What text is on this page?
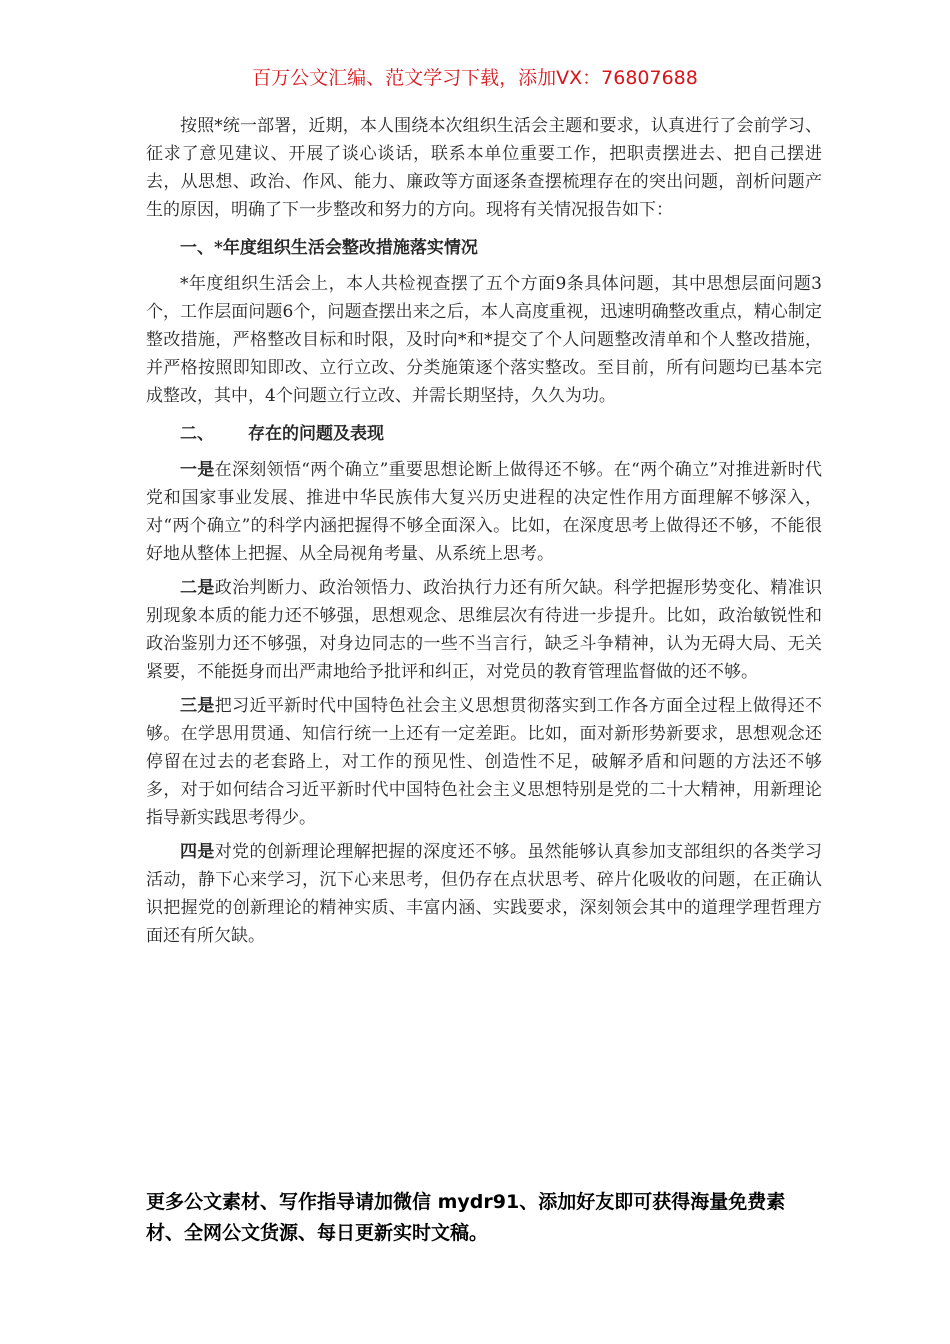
百万公文汇编、范文学习下载，添加VX：76807688

按照*统一部署，近期，本人围绕本次组织生活会主题和要求，认真进行了会前学习、征求了意见建议、开展了谈心谈话，联系本单位重要工作，把职责摆进去、把自己摆进去，从思想、政治、作风、能力、廉政等方面逐条查摆梳理存在的突出问题，剖析问题产生的原因，明确了下一步整改和努力的方向。现将有关情况报告如下：

一、*年度组织生活会整改措施落实情况

*年度组织生活会上，本人共检视查摆了五个方面9条具体问题，其中思想层面问题3个，工作层面问题6个，问题查摆出来之后，本人高度重视，迅速明确整改重点，精心制定整改措施，严格整改目标和时限，及时向*和*提交了个人问题整改清单和个人整改措施，并严格按照即知即改、立行立改、分类施策逐个落实整改。至目前，所有问题均已基本完成整改，其中，4个问题立行立改、并需长期坚持，久久为功。

二、 存在的问题及表现

一是在深刻领悟“两个确立”重要思想论断上做得还不够。在“两个确立”对推进新时代党和国家事业发展、推进中华民族伟大复兴历史进程的决定性作用方面理解不够深入，对“两个确立”的科学内涵把握得不够全面深入。比如，在深度思考上做得还不够，不能很好地从整体上把握、从全局视角考量、从系统上思考。

二是政治判断力、政治领悟力、政治执行力还有所欠缺。科学把握形势变化、精准识别现象本质的能力还不够强，思想观念、思维层次有待进一步提升。比如，政治敏锐性和政治鉴别力还不够强，对身边同志的一些不当言行，缺乏斗争精神，认为无碍大局、无关紧要，不能挺身而出严肃地给予批评和纠正，对党员的教育管理监督做的还不够。

三是把习近平新时代中国特色社会主义思想贯彻落实到工作各方面全过程上做得还不够。在学思用贯通、知信行统一上还有一定差距。比如，面对新形势新要求，思想观念还停留在过去的老套路上，对工作的预见性、创造性不足，破解矛盾和问题的方法还不够多，对于如何结合习近平新时代中国特色社会主义思想特别是党的二十大精神，用新理论指导新实践思考得少。

四是对党的创新理论理解把握的深度还不够。虽然能够认真参加支部组织的各类学习活动，静下心来学习，沉下心来思考，但仍存在点状思考、碎片化吸收的问题，在正确认识把握党的创新理论的精神实质、丰富内涵、实践要求，深刻领会其中的道理学理哲理方面还有所欠缺。

更多公文素材、写作指导请加微信 mydr91、添加好友即可获得海量免费素材、全网公文货源、每日更新实时文稿。
